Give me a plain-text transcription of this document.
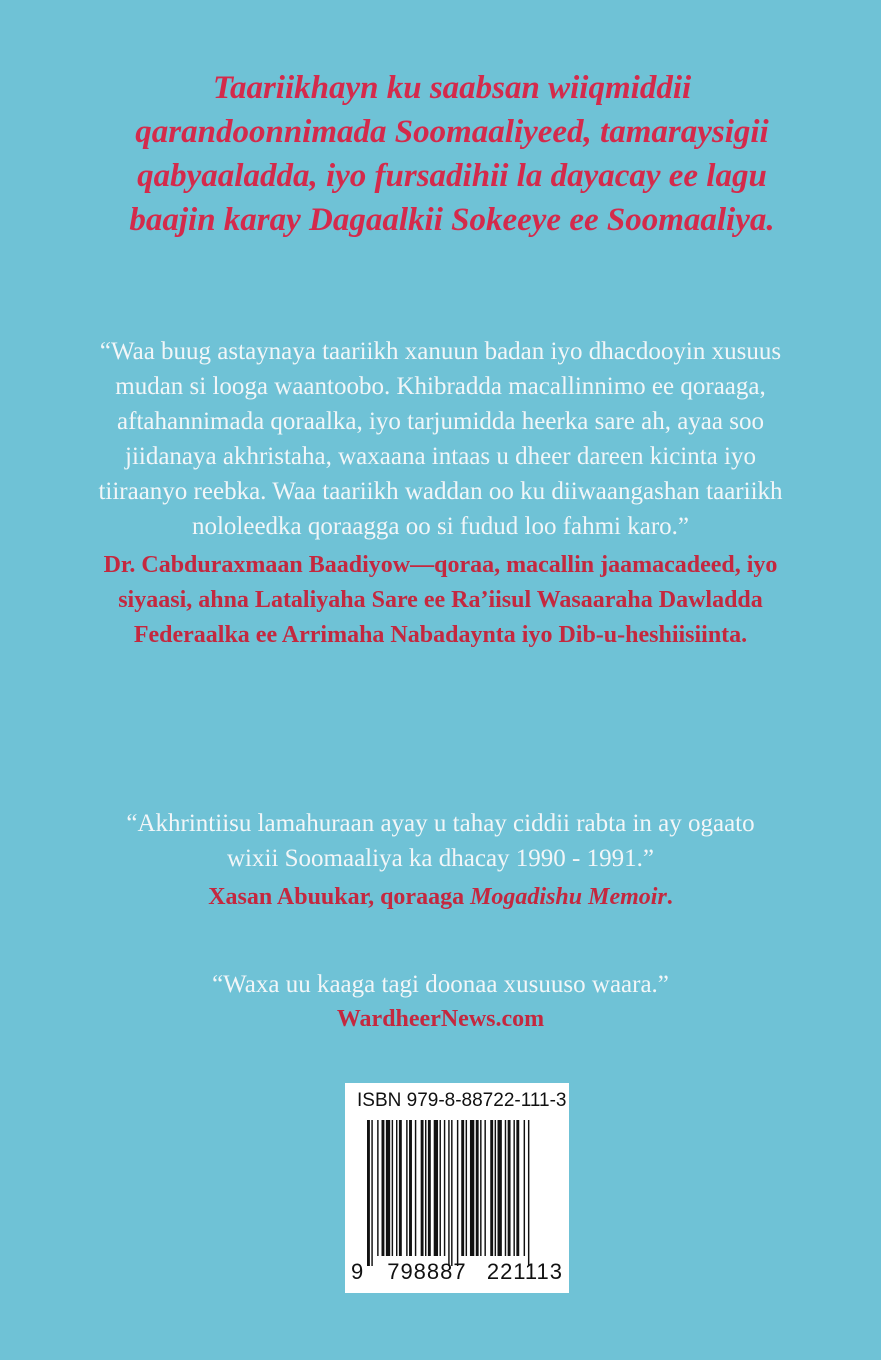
Taariikhayn ku saabsan wiiqmiddii qarandoonnimada Soomaaliyeed, tamaraysigii qabyaaladda, iyo fursadihii la dayacay ee lagu baajin karay Dagaalkii Sokeeye ee Soomaaliya.

“Waa buug astaynaya taariikh xanuun badan iyo dhacdooyin xusuus mudan si looga waantoobo. Khibradda macallinnimo ee qoraaga, aftahannimada qoraalka, iyo tarjumidda heerka sare ah, ayaa soo jiidanaya akhristaha, waxaana intaas u dheer dareen kicinta iyo tiiraanyo reebka. Waa taariikh waddan oo ku diiwaangashan taariikh nololeedka qoraagga oo si fudud loo fahmi karo.”

Dr. Cabduraxmaan Baadiyow—qoraa, macallin jaamacadeed, iyo siyaasi, ahna Lataliyaha Sare ee Ra’iisul Wasaaraha Dawladda Federaalka ee Arrimaha Nabadaynta iyo Dib-u-heshiisiinta.

“Akhrintiisu lamahuraan ayay u tahay ciddii rabta in ay ogaato wixii Soomaaliya ka dhacay 1990 - 1991.”

Xasan Abuukar, qoraaga Mogadishu Memoir.

“Waxa uu kaaga tagi doonaa xusuuso waara.”

WardheerNews.com

ISBN 979-8-88722-111-3
9 798887 221113
